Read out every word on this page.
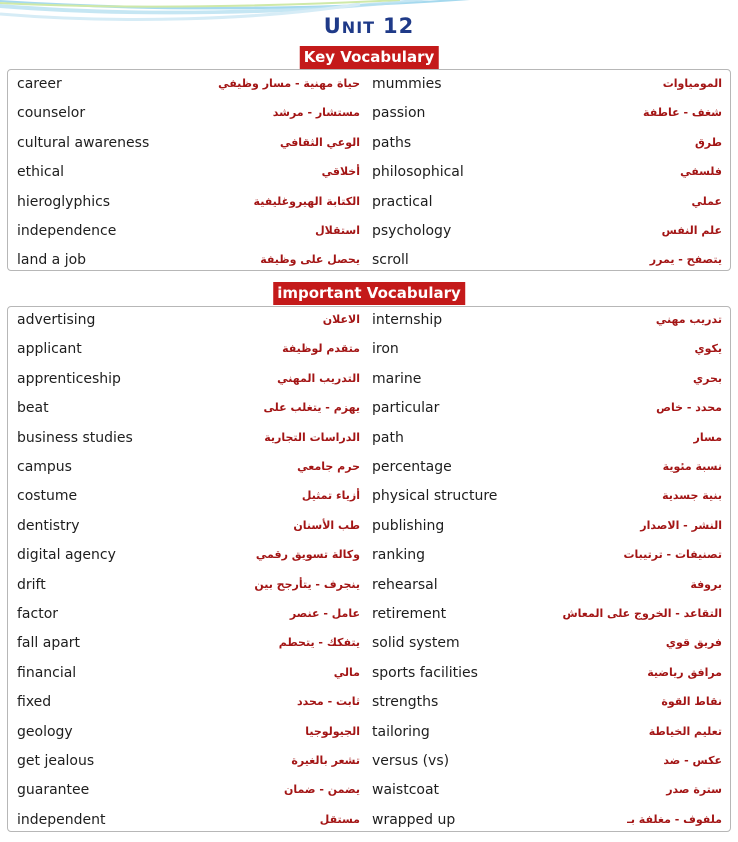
UNIT 12
Key Vocabulary
career	حياة مهنية - مسار وظيفي mummies	المومياوات
counselor	مستشار - مرشد passion	شغف - عاطفة
cultural awareness	الوعي الثقافي paths	طرق
ethical	أخلاقي philosophical	فلسفي
hieroglyphics	الكتابة الهيروغليفية practical	عملي
independence	استقلال psychology	علم النفس
land a job	يحصل على وظيفة scroll	يتصفح - يمرر
important Vocabulary
advertising	الاعلان internship	تدريب مهني
applicant	متقدم لوظيفة iron	يكوي
apprenticeship	التدريب المهني marine	بحري
beat	يهزم - يتغلب على particular	محدد - خاص
business studies	الدراسات التجارية path	مسار
campus	حرم جامعي percentage	نسبة مئوية
costume	أزياء تمثيل physical structure	بنية جسدية
dentistry	طب الأسنان publishing	النشر - الاصدار
digital agency	وكالة تسويق رقمي ranking	تصنيفات - ترتيبات
drift	ينجرف - يتأرجح بين rehearsal	بروفة
factor	عامل - عنصر retirement	التقاعد - الخروج على المعاش
fall apart	يتفكك - يتحطم solid system	فريق قوي
financial	مالي sports facilities	مرافق رياضية
fixed	ثابت - محدد strengths	نقاط القوة
geology	الجيولوجيا tailoring	تعليم الخياطة
get jealous	تشعر بالغيرة versus (vs)	عكس - ضد
guarantee	يضمن - ضمان waistcoat	سترة صدر
independent	مستقل wrapped up	ملفوف - مغلفة بـ
